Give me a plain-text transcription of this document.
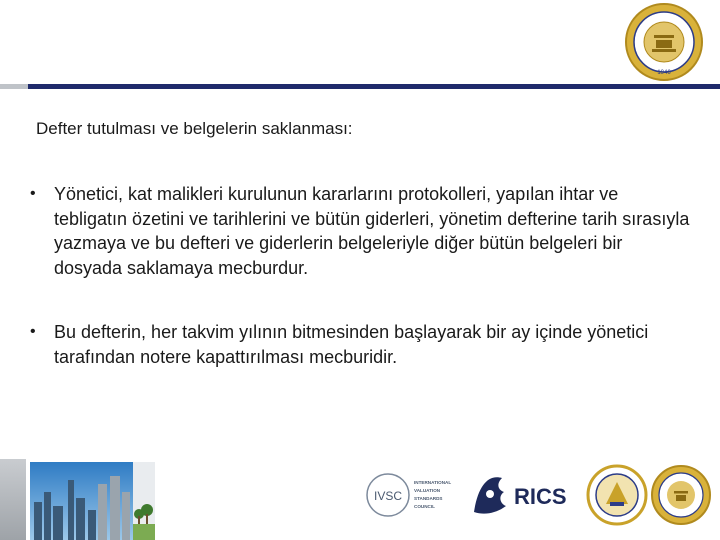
1946
Defter tutulması ve belgelerin saklanması:
• Yönetici, kat malikleri kurulunun kararlarını protokolleri, yapılan ihtar ve tebligatın özetini ve tarihlerini ve bütün giderleri, yönetim defterine tarih sırasıyla yazmaya ve bu defteri ve giderlerin belgeleriyle diğer bütün belgeleri bir dosyada saklamaya mecburdur.
• Bu defterin, her takvim yılının bitmesinden başlayarak bir ay içinde yönetici tarafından notere kapattırılması mecburidir.
IVSC
INTERNATIONAL
VALUATION
STANDARDS
COUNCIL	RICS
